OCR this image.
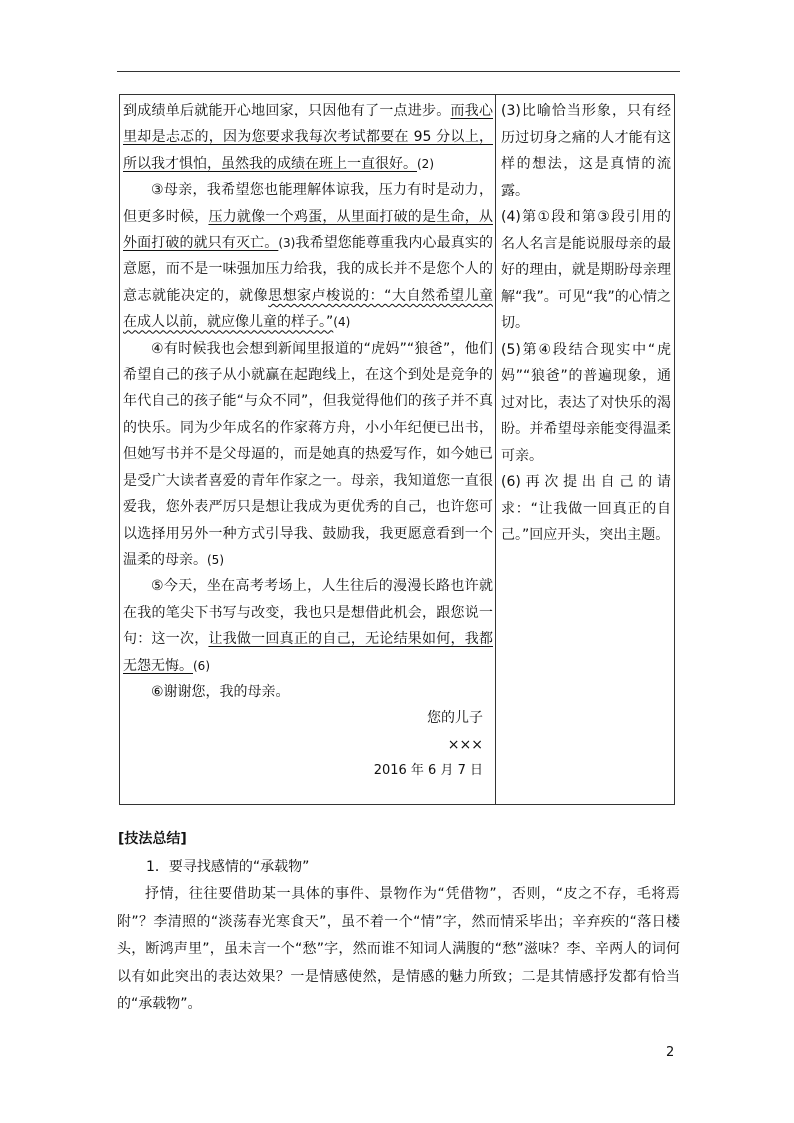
到成绩单后就能开心地回家，只因他有了一点进步。而我心里却是忐忑的，因为您要求我每次考试都要在 95 分以上，所以我才惧怕，虽然我的成绩在班上一直很好。(2)

③母亲，我希望您也能理解体谅我，压力有时是动力，但更多时候，压力就像一个鸡蛋，从里面打破的是生命，从外面打破的就只有灭亡。(3)我希望您能尊重我内心最真实的意愿，而不是一味强加压力给我，我的成长并不是您个人的意志就能决定的，就像思想家卢梭说的：“大自然希望儿童在成人以前，就应像儿童的样子。”(4)

④有时候我也会想到新闻里报道的“虎妈”“狼爸”，他们希望自己的孩子从小就赢在起跑线上，在这个到处是竞争的年代自己的孩子能“与众不同”，但我觉得他们的孩子并不真的快乐。同为少年成名的作家蒋方舟，小小年纪便已出书，但她写书并不是父母逼的，而是她真的热爱写作，如今她已是受广大读者喜爱的青年作家之一。母亲，我知道您一直很爱我，您外表严厉只是想让我成为更优秀的自己，也许您可以选择用另外一种方式引导我、鼓励我，我更愿意看到一个温柔的母亲。(5)

⑤今天，坐在高考考场上，人生往后的漫漫长路也许就在我的笔尖下书写与改变，我也只是想借此机会，跟您说一句：这一次，让我做一回真正的自己，无论结果如何，我都无怨无悔。(6)

⑥谢谢您，我的母亲。

您的儿子

×××

2016 年 6 月 7 日

(3)比喻恰当形象，只有经历过切身之痛的人才能有这样的想法，这是真情的流露。

(4)第①段和第③段引用的名人名言是能说服母亲的最好的理由，就是期盼母亲理解“我”。可见“我”的心情之切。

(5)第④段结合现实中“虎妈”“狼爸”的普遍现象，通过对比，表达了对快乐的渴盼。并希望母亲能变得温柔可亲。

(6)再次提出自己的请求：“让我做一回真正的自己。”回应开头，突出主题。

[技法总结]
1．要寻找感情的“承载物”

抒情，往往要借助某一具体的事件、景物作为“凭借物”，否则，“皮之不存，毛将焉附”？李清照的“淡荡春光寒食天”，虽不着一个“情”字，然而情采毕出；辛弃疾的“落日楼头，断鸿声里”，虽未言一个“愁”字，然而谁不知词人满腹的“愁”滋味？李、辛两人的词何以有如此突出的表达效果？一是情感使然，是情感的魅力所致；二是其情感抒发都有恰当的“承载物”。

2
